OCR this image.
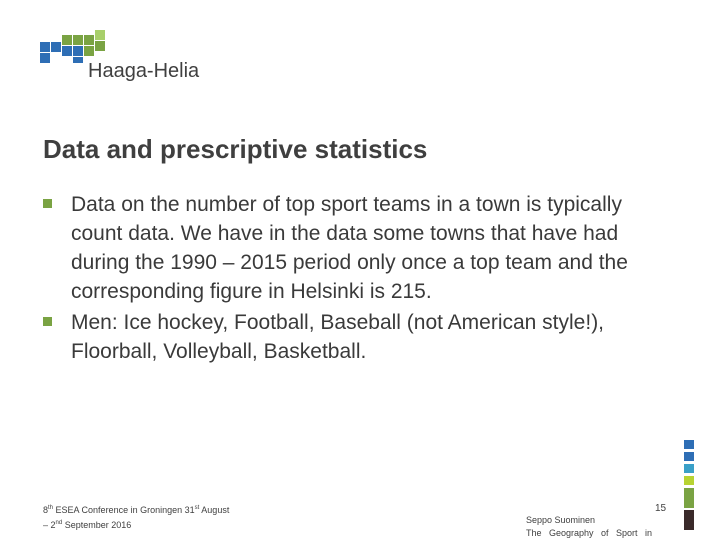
Haaga-Helia
Data and prescriptive statistics
Data on the number of top sport teams in a town is typically count data. We have in the data some towns that have had during the 1990 – 2015 period only once a top team and the corresponding figure in Helsinki is 215.
Men: Ice hockey, Football, Baseball (not American style!), Floorball, Volleyball, Basketball.
8th ESEA Conference in Groningen 31st August
– 2nd September 2016
15
Seppo Suominen
The Geography of Sport in
